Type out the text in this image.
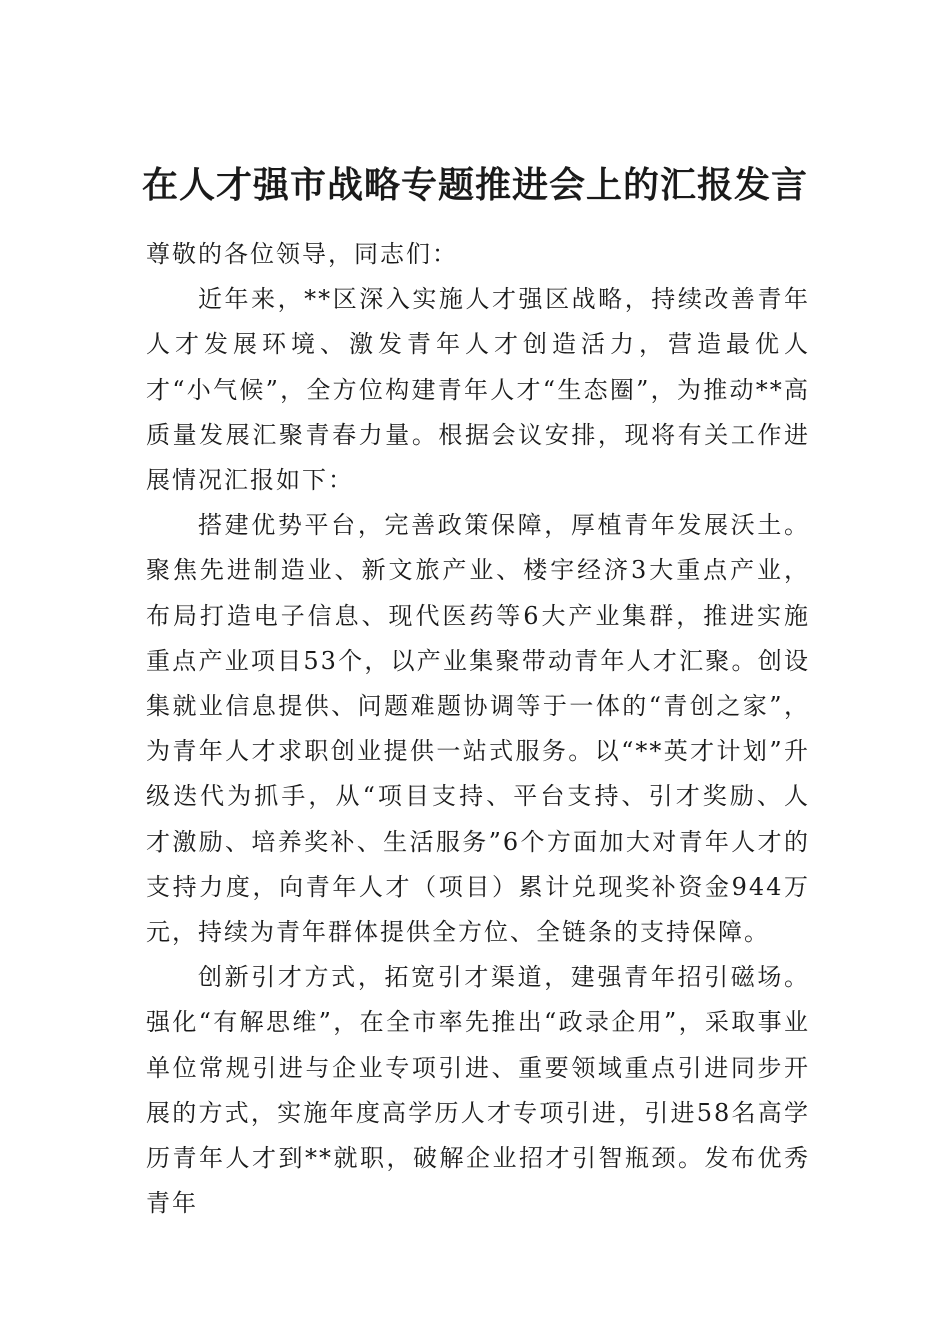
在人才强市战略专题推进会上的汇报发言

尊敬的各位领导，同志们：

近年来，**区深入实施人才强区战略，持续改善青年人才发展环境、激发青年人才创造活力，营造最优人才“小气候”，全方位构建青年人才“生态圈”，为推动**高质量发展汇聚青春力量。根据会议安排，现将有关工作进展情况汇报如下：

搭建优势平台，完善政策保障，厚植青年发展沃土。聚焦先进制造业、新文旅产业、楼宇经济3大重点产业，布局打造电子信息、现代医药等6大产业集群，推进实施重点产业项目53个，以产业集聚带动青年人才汇聚。创设集就业信息提供、问题难题协调等于一体的“青创之家”，为青年人才求职创业提供一站式服务。以“**英才计划”升级迭代为抓手，从“项目支持、平台支持、引才奖励、人才激励、培养奖补、生活服务”6个方面加大对青年人才的支持力度，向青年人才（项目）累计兑现奖补资金944万元，持续为青年群体提供全方位、全链条的支持保障。

创新引才方式，拓宽引才渠道，建强青年招引磁场。强化“有解思维”，在全市率先推出“政录企用”，采取事业单位常规引进与企业专项引进、重要领域重点引进同步开展的方式，实施年度高学历人才专项引进，引进58名高学历青年人才到**就职，破解企业招才引智瓶颈。发布优秀青年
